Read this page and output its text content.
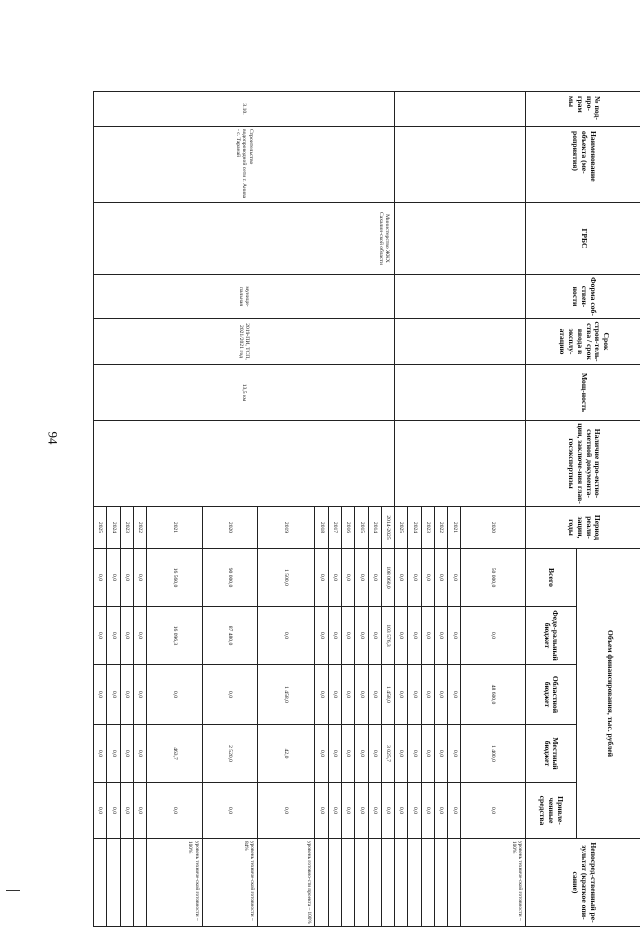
94
№ под-про-грам мы	Наименование объекта (ме-роприятия)	ГРБС	Форма соб-ствен-ности	Срок строи-тель-ства / срок ввода в эксплу-атацию	Мощ-ность	Наличие про-ектно-сметной документа-ции, заключе-ния глав-госэкспертизы	Период реали-зации, годы	Объем финансирования, тыс. рублей					Непосред-ственный ре-зультат (краткое опи-сание)
								Всего	Феде-ральный бюджет	Областной бюджет	Местный бюджет	Привле-ченные средства	
							2020	50 000,0	0,0	48 600,0	1 400,0	0,0	уровень техниче-ской готовности – 100%
							2021	0,0	0,0	0,0	0,0	0,0	
							2022	0,0	0,0	0,0	0,0	0,0	
							2023	0,0	0,0	0,0	0,0	0,0	
							2024	0,0	0,0	0,0	0,0	0,0	
							2025	0,0	0,0	0,0	0,0	0,0	
3.10.	Строительство водопроводной сети г. Анива - с. Таранай	Министерство ЖКХ Сахалин-ской области	муници-пальная	2019-ПИ, ТСП, 2021/2021 год	13,5 км		2014-2025	108 060,0	103 576,3	1 458,0	3 025,7	0,0	
							2014	0,0	0,0	0,0	0,0	0,0	
							2015	0,0	0,0	0,0	0,0	0,0	
							2016	0,0	0,0	0,0	0,0	0,0	
							2017	0,0	0,0	0,0	0,0	0,0	
							2018	0,0	0,0	0,0	0,0	0,0	
							2019	1 500,0	0,0	1 458,0	42,0	0,0	уровень готовно-сти проекта – 100%
							2020	90 000,0	87 480,0	0,0	2 520,0	0,0	уровень техниче-ской готовности – 84%
							2021	16 560,0	16 096,3	0,0	463,7	0,0	уровень техниче-ской готовности – 100%
							2022	0,0	0,0	0,0	0,0	0,0	
							2023	0,0	0,0	0,0	0,0	0,0	
							2024	0,0	0,0	0,0	0,0	0,0	
							2025	0,0	0,0	0,0	0,0	0,0	
